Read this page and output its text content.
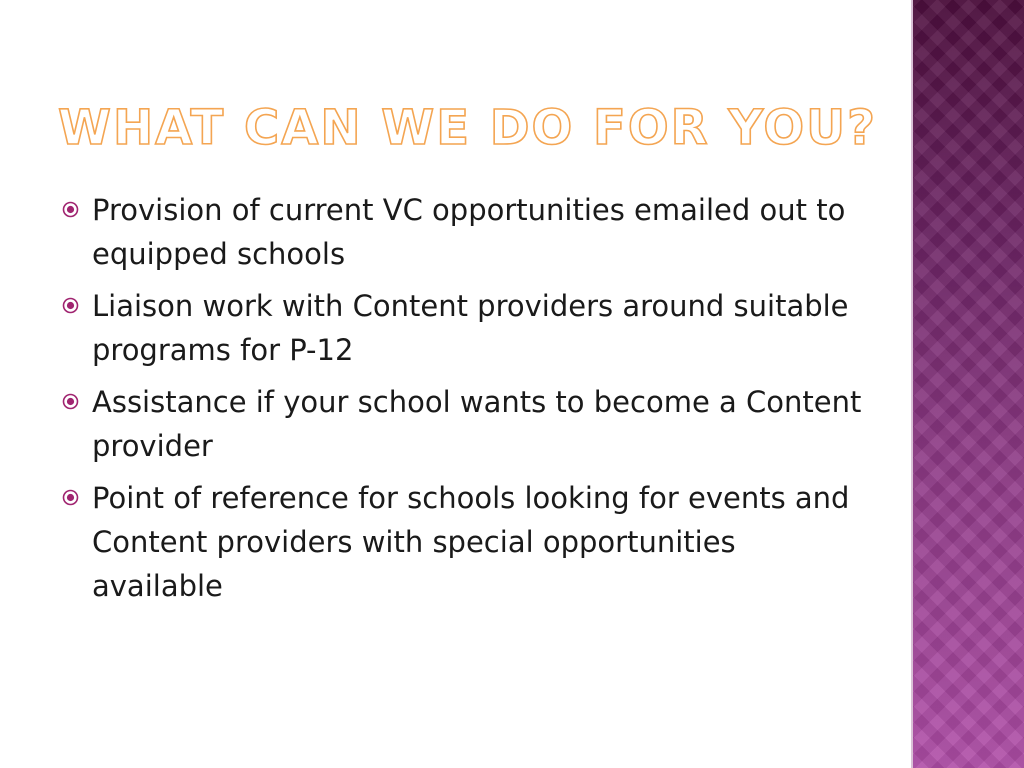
WHAT CAN WE DO FOR YOU?
Provision of current VC opportunities emailed out to equipped schools
Liaison work with Content providers around suitable programs for P-12
Assistance if your school wants to become a Content provider
Point of reference for schools looking for events and Content providers with special opportunities available
